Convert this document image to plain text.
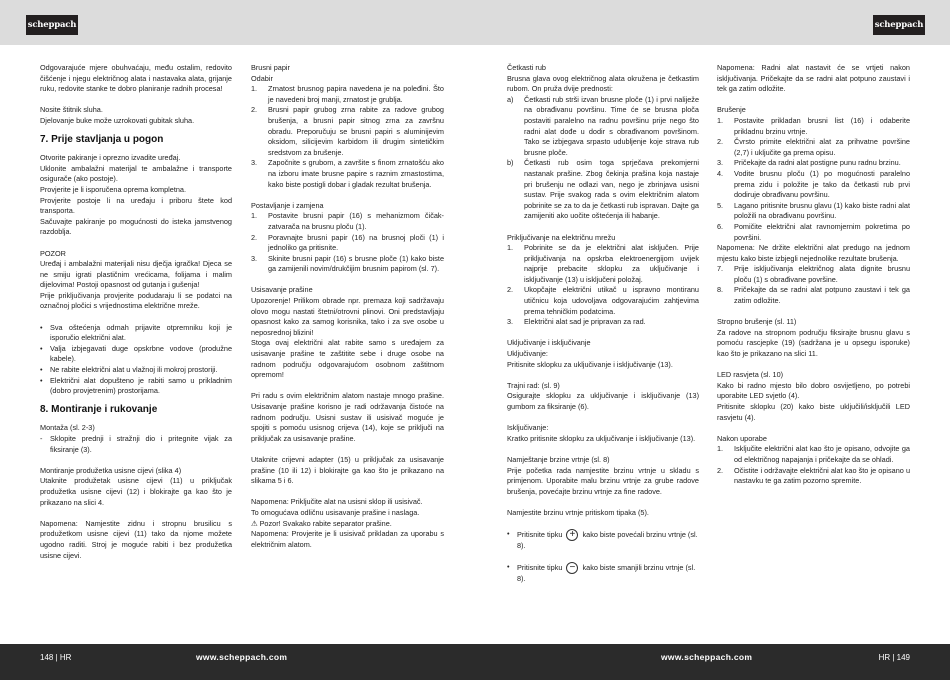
scheppach	scheppach

Odgovarajuće mjere obuhvaćaju, među ostalim, redovito čišćenje i njegu električnog alata i nastavaka alata, grijanje ruku, redovite stanke te dobro planiranje radnih procesa!

Nosite štitnik sluha.

Djelovanje buke može uzrokovati gubitak sluha.

7. Prije stavljanja u pogon

Otvorite pakiranje i oprezno izvadite uređaj.

Uklonite ambalažni materijal te ambalažne i transporte osigurače (ako postoje).

Provjerite je li isporučena oprema kompletna.

Provjerite postoje li na uređaju i priboru štete kod transporta.

Sačuvajte pakiranje po mogućnosti do isteka jamstvenog razdoblja.

POZOR

Uređaj i ambalažni materijali nisu dječja igračka! Djeca se ne smiju igrati plastičnim vrećicama, folijama i malim dijelovima! Postoji opasnost od gutanja i gušenja!

Prije priključivanja provjerite podudaraju li se podatci na označnoj pločici s vrijednostima električne mreže.

• Sva oštećenja odmah prijavite otpremniku koji je isporučio električni alat.
• Valja izbjegavati duge opskrbne vodove (produžne kabele).
• Ne rabite električni alat u vlažnoj ili mokroj prostoriji.
• Električni alat dopušteno je rabiti samo u prikladnim (dobro provjetrenim) prostorijama.
8. Montiranje i rukovanje

Montaža (sl. 2-3)

- Sklopite prednji i stražnji dio i pritegnite vijak za fiksiranje (3).

Montiranje produžetka usisne cijevi (slika 4)

Utaknite produžetak usisne cijevi (11) u priključak produžetka usisne cijevi (12) i blokirajte ga kao što je prikazano na slici 4.

Napomena: Namjestite zidnu i stropnu brusilicu s produžetkom usisne cijevi (11) tako da njome možete ugodno raditi. Stroj je moguće rabiti i bez produžetka usisne cijevi.

Brusni papir

Odabir

1. Zrnatost brusnog papira navedena je na poleđini. Što je navedeni broj manji, zrnatost je grublja.
2. Brusni papir grubog zrna rabite za radove grubog brušenja, a brusni papir sitnog zrna za završnu obradu. Preporučuju se brusni papiri s aluminijevim oksidom, silicijevim karbidom ili drugim sintetičkim sredstvom za brušenje.
3. Započnite s grubom, a završite s finom zrnatošću ako na izboru imate brusne papire s raznim zrnastostima, kako biste postigli dobar i gladak rezultat brušenja.

Postavljanje i zamjena

1. Postavite brusni papir (16) s mehanizmom čičak-zatvarača na brusnu ploču (1).
2. Poravnajte brusni papir (16) na brusnoj ploči (1) i jednoliko ga pritisnite.
3. Skinite brusni papir (16) s brusne ploče (1) kako biste ga zamijenili novim/drukčijim brusnim papirom (sl. 7).

Usisavanje prašine

Upozorenje! Prilikom obrade npr. premaza koji sadržavaju olovo mogu nastati štetni/otrovni plinovi. Oni predstavljaju opasnost kako za samog korisnika, tako i za sve osobe u neposrednoj blizini!

Stoga ovaj električni alat rabite samo s uređajem za usisavanje prašine te zaštitite sebe i druge osobe na radnom području odgovarajućom osobnom zaštitnom opremom!

Pri radu s ovim električnim alatom nastaje mnogo prašine. Usisavanje prašine korisno je radi održavanja čistoće na radnom području. Usisni sustav ili usisivač moguće je spojiti s pomoću usisnog crijeva (14), koje se priključi na priključak za usisavanje prašine.

Utaknite crijevni adapter (15) u priključak za usisavanje prašine (10 ili 12) i blokirajte ga kao što je prikazano na slikama 5 i 6.

Napomena: Priključite alat na usisni sklop ili usisivač.

To omogućava odličnu usisavanje prašine i naslaga.

⚠ Pozor! Svakako rabite separator prašine.

Napomena: Provjerite je li usisivač prikladan za uporabu s električnim alatom.

Četkasti rub

Brusna glava ovog električnog alata okružena je četkastim rubom. On pruža dvije prednosti:

a) Četkasti rub strši izvan brusne ploče (1) i prvi naliježe na obrađivanu površinu. Time će se brusna ploča postaviti paralelno na radnu površinu prije nego što radni alat dođe u dodir s obrađivanom površinom. Tako se izbjegava srpasto udubljenje koje strava rub brusne ploče.
b) Četkasti rub osim toga sprječava prekomjerni nastanak prašine. Zbog čekinja prašina koja nastaje pri brušenju ne odlazi van, nego je zbrinjava usisni sustav. Prije svakog rada s ovim električnim alatom pobrinite se za to da je četkasti rub ispravan. Dajte ga zamijeniti ako uočite oštećenja ili habanje.

Priključivanje na električnu mrežu

1. Pobrinite se da je električni alat isključen. Prije priključivanja na opskrba elektroenergijom uvijek najprije prebacite sklopku za uključivanje i isključivanje (13) u isključeni položaj.
2. Ukopčajte električni utikač u ispravno montiranu utičnicu koja udovoljava odgovarajućim zahtjevima prema tehničkim podatcima.
3. Električni alat sad je pripravan za rad.

Uključivanje i isključivanje

Uključivanje:

Pritisnite sklopku za uključivanje i isključivanje (13).

Trajni rad: (sl. 9)

Osigurajte sklopku za uključivanje i isključivanje (13) gumbom za fiksiranje (6).

Isključivanje:

Kratko pritisnite sklopku za uključivanje i isključivanje (13).

Namještanje brzine vrtnje (sl. 8)

Prije početka rada namjestite brzinu vrtnje u skladu s primjenom. Uporabite malu brzinu vrtnje za grube radove brušenja, povećajte brzinu vrtnje za fine radove.

Namjestite brzinu vrtnje pritiskom tipaka (5).

• Pritisnite tipku + kako biste povećali brzinu vrtnje (sl. 8).
• Pritisnite tipku − kako biste smanjili brzinu vrtnje (sl. 8).

Napomena: Radni alat nastavit će se vrtjeti nakon isključivanja. Pričekajte da se radni alat potpuno zaustavi i tek ga zatim odložite.

Brušenje

1. Postavite prikladan brusni list (16) i odaberite prikladnu brzinu vrtnje.
2. Čvrsto primite električni alat za prihvatne površine (2,7) i uključite ga prema opisu.
3. Pričekajte da radni alat postigne punu radnu brzinu.
4. Vodite brusnu ploču (1) po mogućnosti paralelno prema zidu i položite je tako da četkasti rub prvi dodiruje obrađivanu površinu.
5. Lagano pritisnite brusnu glavu (1) kako biste radni alat položili na obrađivanu površinu.
6. Pomičite električni alat ravnomjernim pokretima po površini.

Napomena: Ne držite električni alat predugo na jednom mjestu kako biste izbjegli nejednolike rezultate brušenja.

7. Prije isključivanja električnog alata dignite brusnu ploču (1) s obrađivane površine.
8. Pričekajte da se radni alat potpuno zaustavi i tek ga zatim odložite.

Stropno brušenje (sl. 11)

Za radove na stropnom području fiksirajte brusnu glavu s pomoću rascjepke (19) (sadržana je u opsegu isporuke) kao što je prikazano na slici 11.

LED rasvjeta (sl. 10)

Kako bi radno mjesto bilo dobro osvijetljeno, po potrebi uporabite LED svjetlo (4).

Pritisnite sklopku (20) kako biste uključili/isključili LED rasvjetu (4).

Nakon uporabe

1. Isključite električni alat kao što je opisano, odvojite ga od električnog napajanja i pričekajte da se ohladi.
2. Očistite i održavajte električni alat kao što je opisano u nastavku te ga zatim pozorno spremite.
148 | HR	www.scheppach.com	www.scheppach.com	HR | 149
